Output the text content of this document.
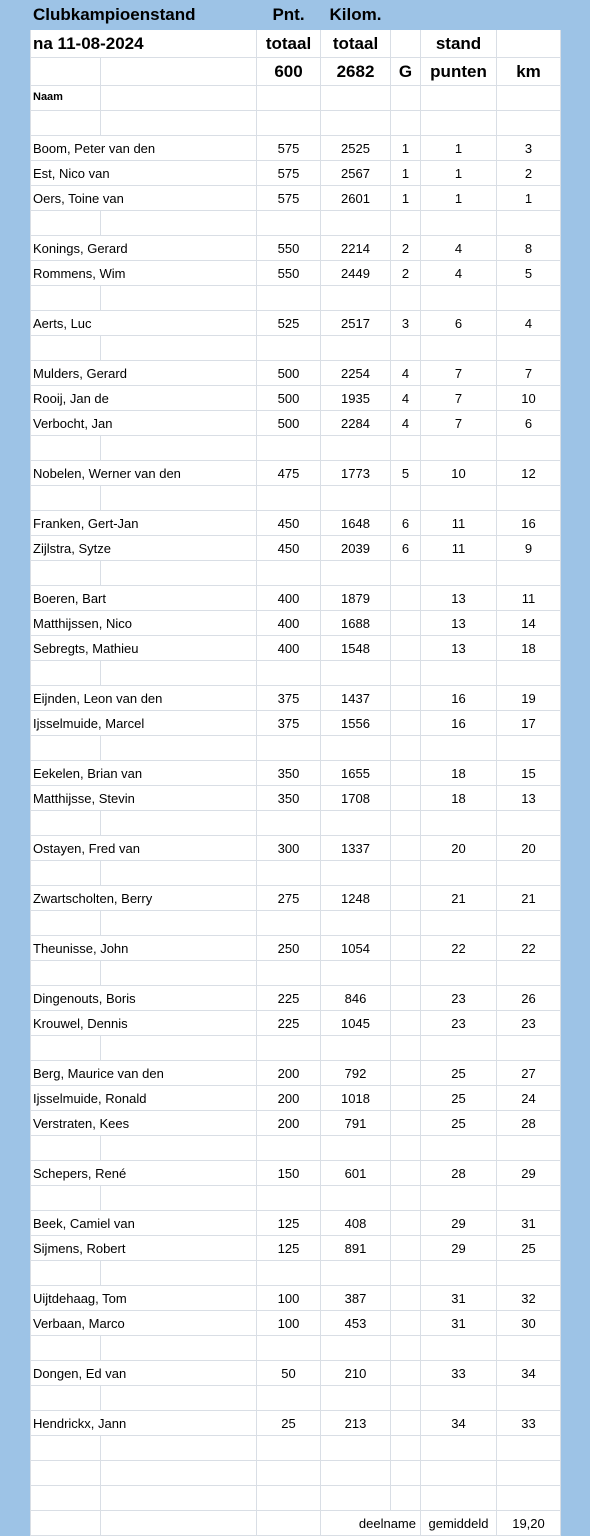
Clubkampioenstand		Pnt.	Kilom.			
na 11-08-2024		totaal	totaal		stand	
		600	2682	G	punten	km

Naam						

Boom, Peter van den		575	2525	1	1	3
Est, Nico van		575	2567	1	1	2
Oers, Toine van		575	2601	1	1	1

Konings, Gerard		550	2214	2	4	8
Rommens, Wim		550	2449	2	4	5

Aerts, Luc		525	2517	3	6	4

Mulders, Gerard		500	2254	4	7	7
Rooij, Jan de		500	1935	4	7	10
Verbocht, Jan		500	2284	4	7	6

Nobelen, Werner van den		475	1773	5	10	12

Franken, Gert-Jan		450	1648	6	11	16
Zijlstra, Sytze		450	2039	6	11	9

Boeren, Bart		400	1879		13	11
Matthijssen, Nico		400	1688		13	14
Sebregts, Mathieu		400	1548		13	18

Eijnden, Leon van den		375	1437		16	19
Ijsselmuide, Marcel		375	1556		16	17

Eekelen, Brian van		350	1655		18	15
Matthijsse, Stevin		350	1708		18	13

Ostayen, Fred van		300	1337		20	20

Zwartscholten, Berry		275	1248		21	21

Theunisse, John		250	1054		22	22

Dingenouts, Boris		225	846		23	26
Krouwel, Dennis		225	1045		23	23

Berg, Maurice van den		200	792		25	27
Ijsselmuide, Ronald		200	1018		25	24
Verstraten, Kees		200	791		25	28

Schepers, René		150	601		28	29

Beek, Camiel van		125	408		29	31
Sijmens, Robert		125	891		29	25

Uijtdehaag, Tom		100	387		31	32
Verbaan, Marco		100	453		31	30

Dongen, Ed van		50	210		33	34

Hendrickx, Jann		25	213		34	33

			deelname		gemiddeld	19,20
